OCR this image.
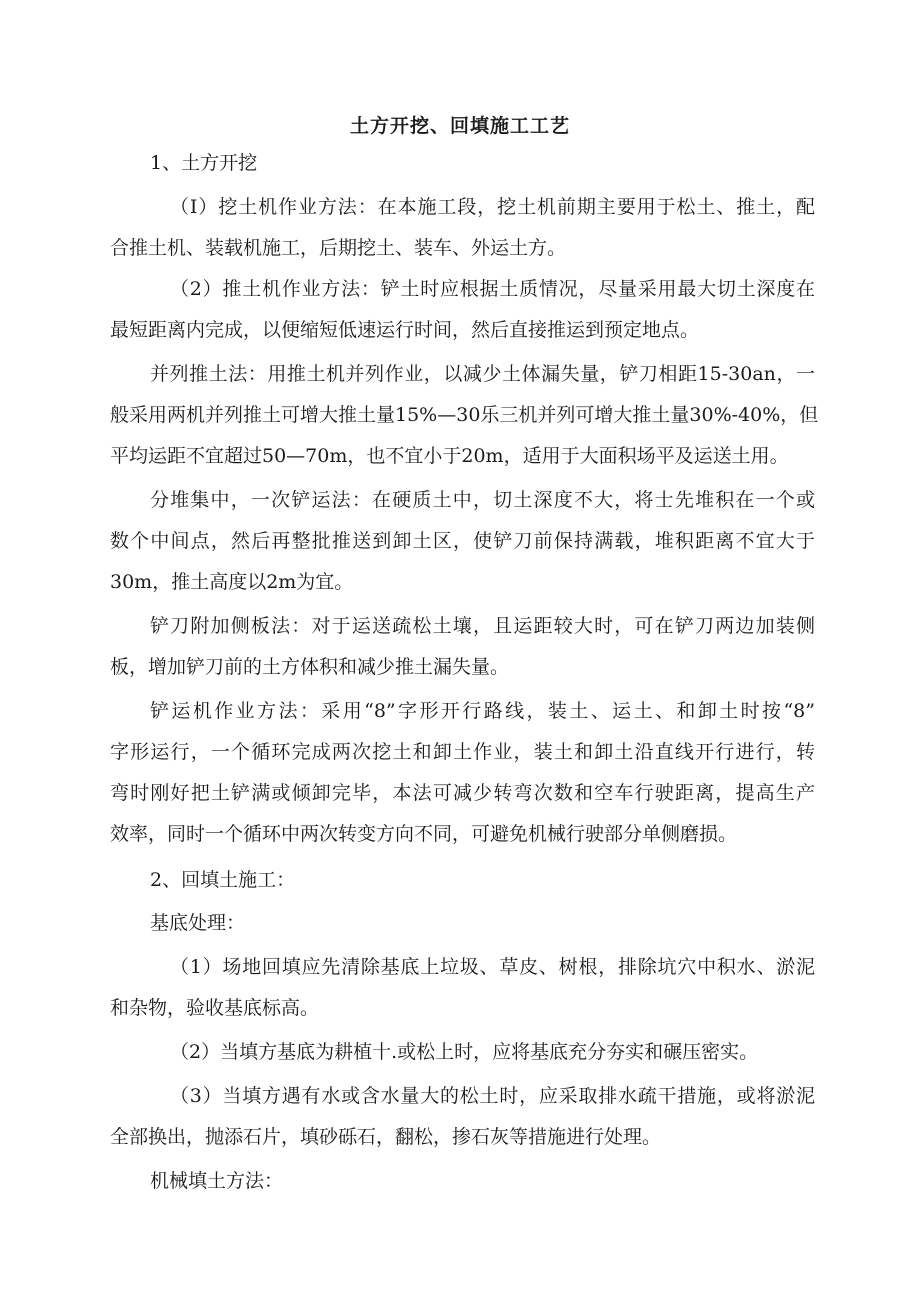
土方开挖、回填施工工艺

1、土方开挖

（I）挖土机作业方法：在本施工段，挖土机前期主要用于松土、推土，配

合推土机、装载机施工，后期挖土、装车、外运土方。

（2）推土机作业方法：铲土时应根据土质情况，尽量采用最大切土深度在

最短距离内完成，以便缩短低速运行时间，然后直接推运到预定地点。

并列推土法：用推土机并列作业，以减少土体漏失量，铲刀相距15-30an，一

般采用两机并列推土可增大推土量15%—30乐三机并列可增大推土量30%-40%，但

平均运距不宜超过50—70m，也不宜小于20m，适用于大面积场平及运送土用。

分堆集中，一次铲运法：在硬质土中，切土深度不大，将士先堆积在一个或

数个中间点，然后再整批推送到卸土区，使铲刀前保持满载，堆积距离不宜大于

30m，推土高度以2m为宜。

铲刀附加侧板法：对于运送疏松土壤，且运距较大时，可在铲刀两边加装侧

板，增加铲刀前的土方体积和减少推土漏失量。

铲运机作业方法：采用“8”字形开行路线，装土、运土、和卸土时按“8”

字形运行，一个循环完成两次挖土和卸土作业，装土和卸土沿直线开行进行，转

弯时刚好把土铲满或倾卸完毕，本法可减少转弯次数和空车行驶距离，提高生产

效率，同时一个循环中两次转变方向不同，可避免机械行驶部分单侧磨损。

2、回填土施工：

基底处理：

（1）场地回填应先清除基底上垃圾、草皮、树根，排除坑穴中积水、淤泥

和杂物，验收基底标高。

（2）当填方基底为耕植十.或松上时，应将基底充分夯实和碾压密实。

（3）当填方遇有水或含水量大的松土时，应采取排水疏干措施，或将淤泥

全部换出，抛添石片，填砂砾石，翻松，掺石灰等措施进行处理。

机械填土方法：
